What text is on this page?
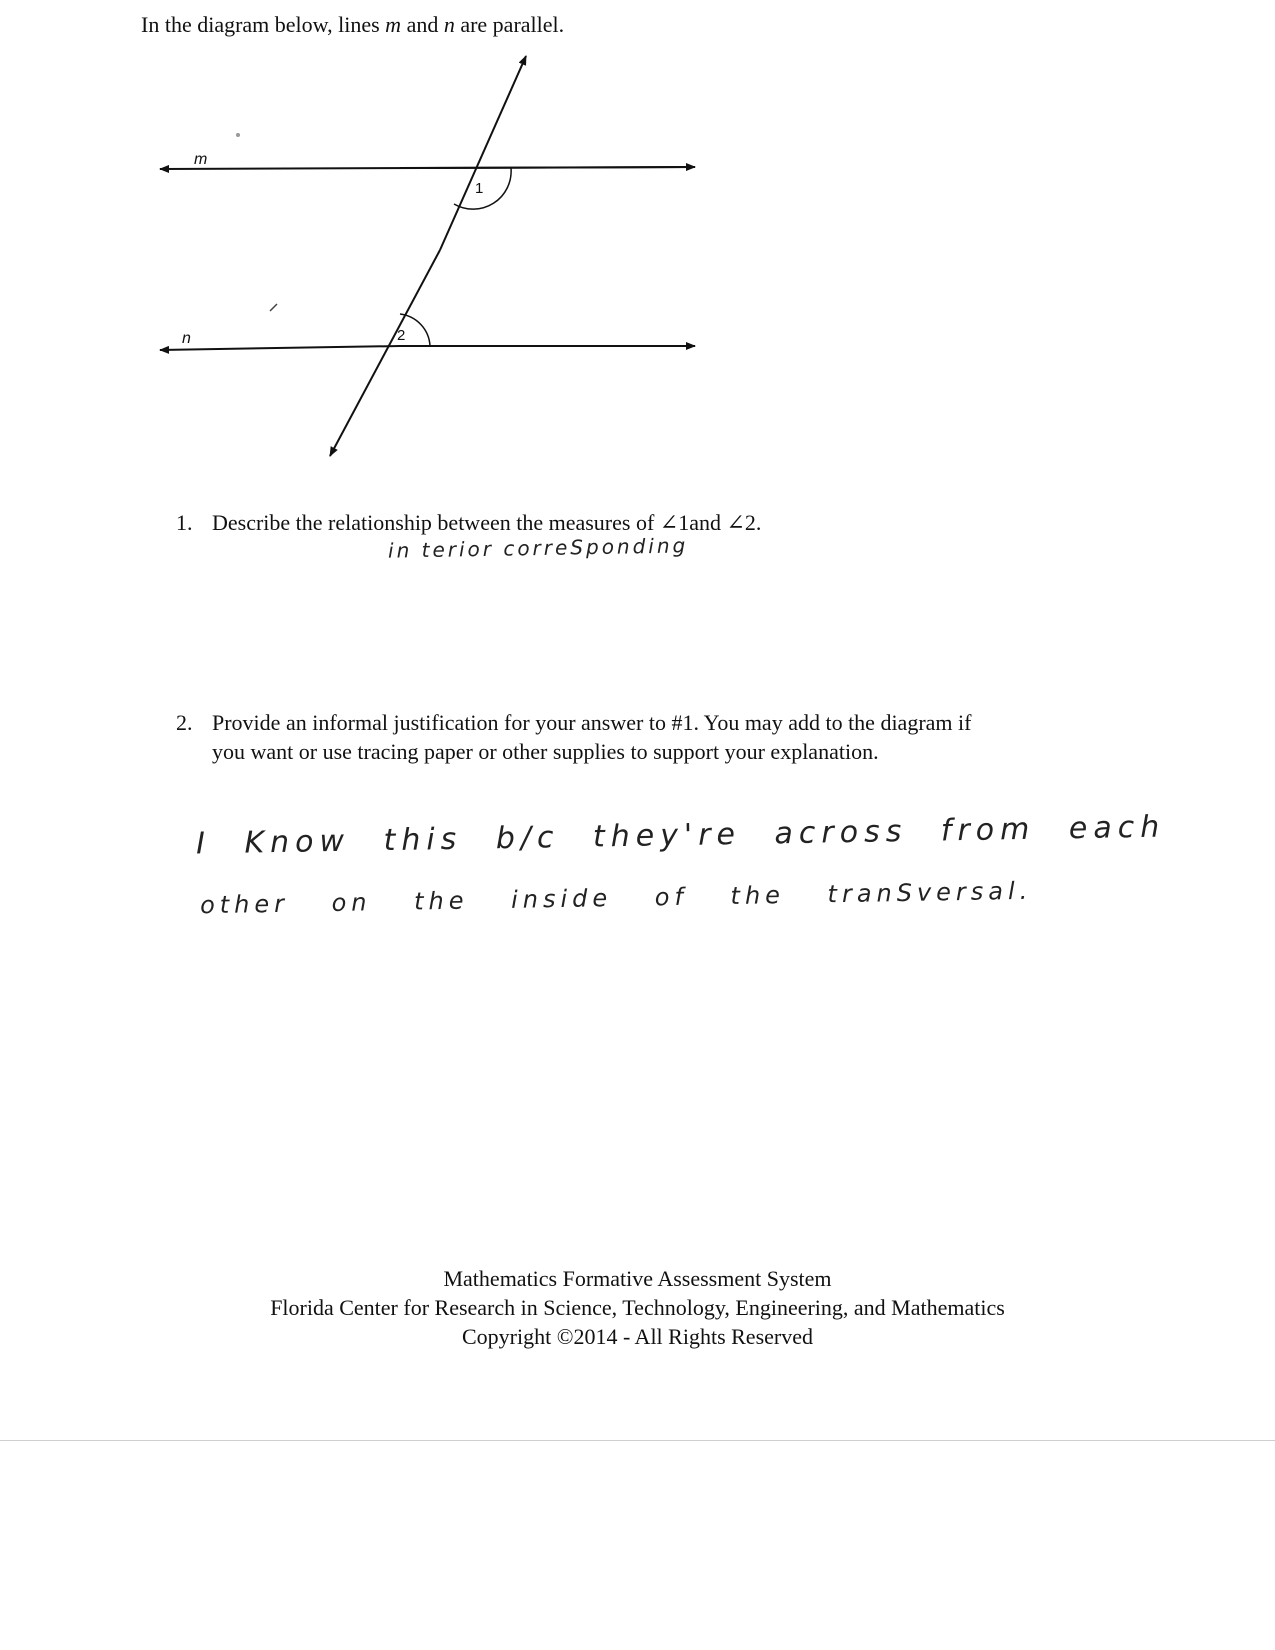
In the diagram below, lines m and n are parallel.
m
n
1
2
1. Describe the relationship between the measures of ∠1and ∠2.
in terior correSponding
2. Provide an informal justification for your answer to #1. You may add to the diagram if
you want or use tracing paper or other supplies to support your explanation.
I Know this b/c they're across from each
other on the inside of the tranSversal.
Mathematics Formative Assessment System
Florida Center for Research in Science, Technology, Engineering, and Mathematics
Copyright ©2014 - All Rights Reserved
